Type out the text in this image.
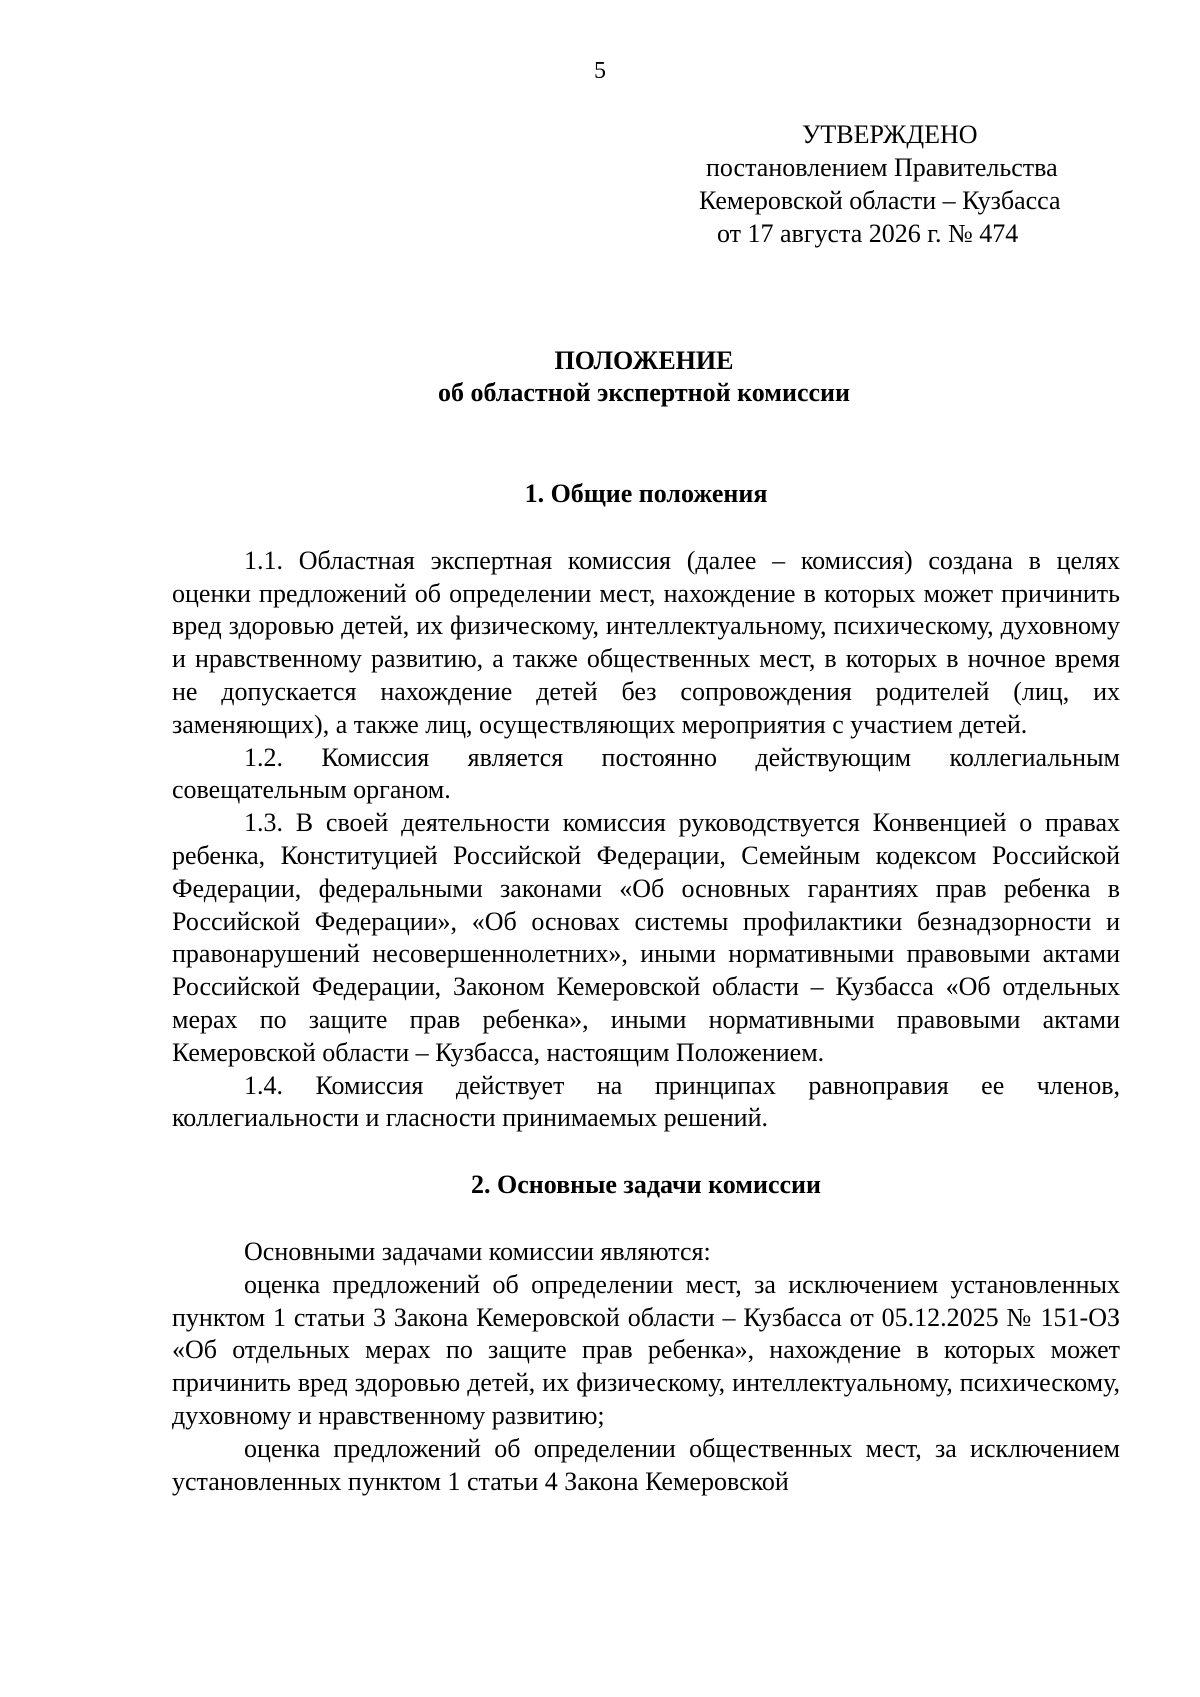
5
УТВЕРЖДЕНО
постановлением Правительства
Кемеровской области – Кузбасса
от 17 августа 2026 г. № 474
ПОЛОЖЕНИЕ
об областной экспертной комиссии

1. Общие положения

1.1. Областная экспертная комиссия (далее – комиссия) создана в целях оценки предложений об определении мест, нахождение в которых может причинить вред здоровью детей, их физическому, интеллектуальному, психическому, духовному и нравственному развитию, а также общественных мест, в которых в ночное время не допускается нахождение детей без сопровождения родителей (лиц, их заменяющих), а также лиц, осуществляющих мероприятия с участием детей.

1.2. Комиссия является постоянно действующим коллегиальным совещательным органом.

1.3. В своей деятельности комиссия руководствуется Конвенцией о правах ребенка, Конституцией Российской Федерации, Семейным кодексом Российской Федерации, федеральными законами «Об основных гарантиях прав ребенка в Российской Федерации», «Об основах системы профилактики безнадзорности и правонарушений несовершеннолетних», иными нормативными правовыми актами Российской Федерации, Законом Кемеровской области – Кузбасса «Об отдельных мерах по защите прав ребенка», иными нормативными правовыми актами Кемеровской области – Кузбасса, настоящим Положением.

1.4. Комиссия действует на принципах равноправия ее членов, коллегиальности и гласности принимаемых решений.

2. Основные задачи комиссии

Основными задачами комиссии являются:

оценка предложений об определении мест, за исключением установленных пунктом 1 статьи 3 Закона Кемеровской области – Кузбасса от 05.12.2025 № 151-ОЗ «Об отдельных мерах по защите прав ребенка», нахождение в которых может причинить вред здоровью детей, их физическому, интеллектуальному, психическому, духовному и нравственному развитию;

оценка предложений об определении общественных мест, за исключением установленных пунктом 1 статьи 4 Закона Кемеровской
